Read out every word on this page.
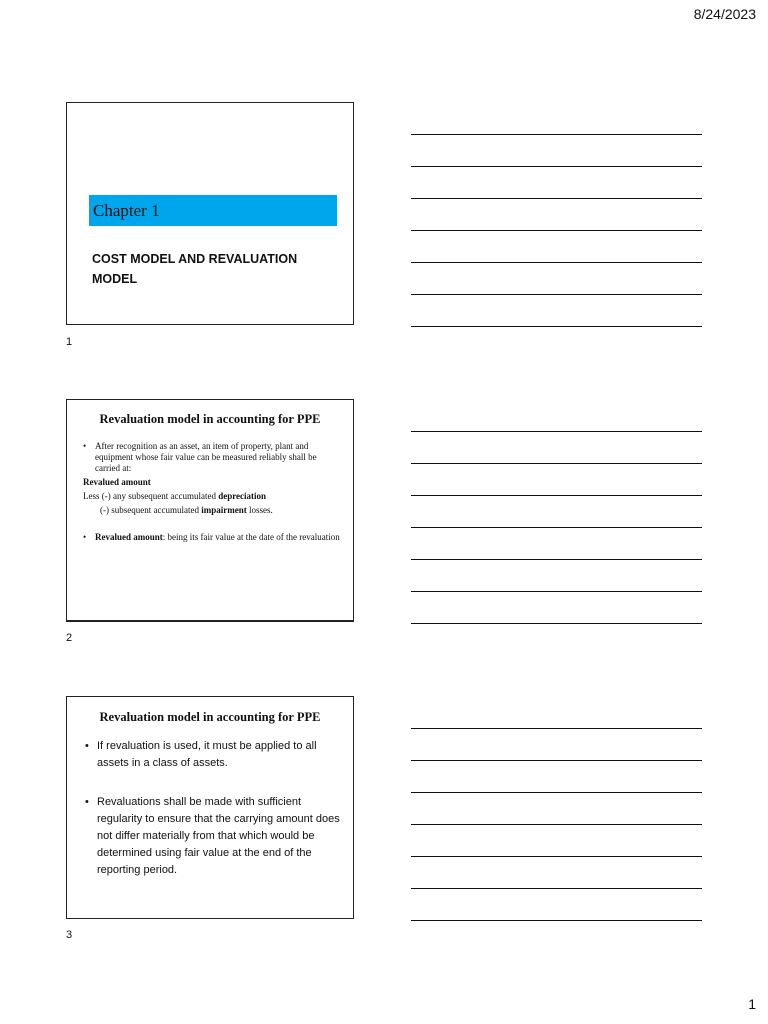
8/24/2023
1
Chapter 1
COST MODEL AND REVALUATION
MODEL
1
Revaluation model in accounting for PPE
• After recognition as an asset, an item of property, plant and equipment whose fair value can be measured reliably shall be carried at:
Revalued amount
Less (-) any subsequent accumulated depreciation
(-) subsequent accumulated impairment losses.
• Revalued amount: being its fair value at the date of the revaluation
2
Revaluation model in accounting for PPE
• If revaluation is used, it must be applied to all assets in a class of assets.
• Revaluations shall be made with sufficient regularity to ensure that the carrying amount does not differ materially from that which would be determined using fair value at the end of the reporting period.
3
